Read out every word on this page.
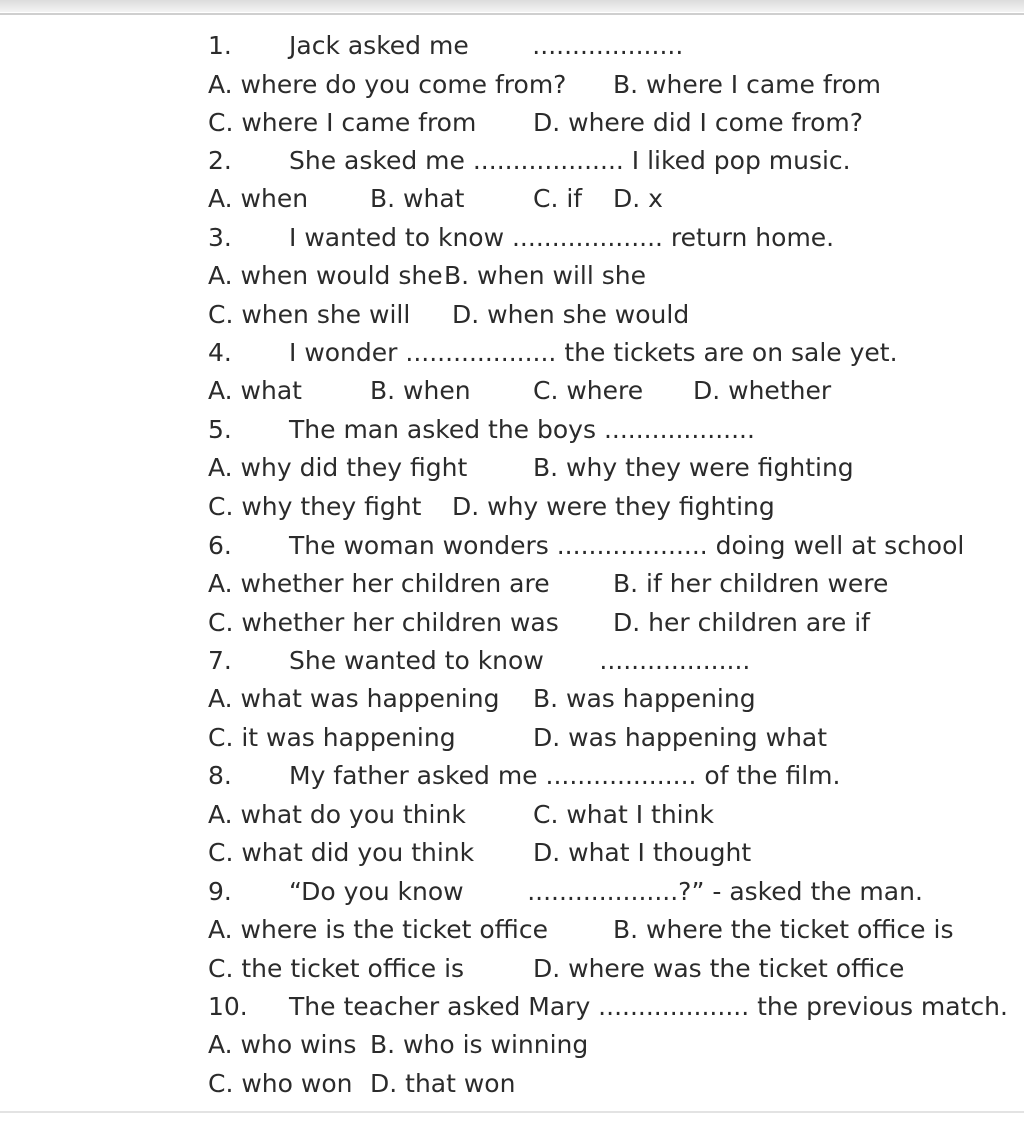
1. Jack asked me        ...................
A. where do you come from? B. where I came from
C. where I came from D. where did I come from?
2. She asked me ................... I liked pop music.
A. when B. what	C. if D. x
3. I wanted to know ................... return home.
A. when would she B. when will she
C. when she will D. when she would
4. I wonder ................... the tickets are on sale yet.
A. what	B. when C. where D. whether
5. The man asked the boys ...................
A. why did they fight	B. why they were fighting
C. why they fight D. why were they fighting
6. The woman wonders ................... doing well at school
A. whether her children are	B. if her children were
C. whether her children was D. her children are if
7. She wanted to know       ...................
A. what was happening B. was happening
C. it was happening	D. was happening what
8. My father asked me ................... of the film.
A. what do you think	C. what I think
C. what did you think D. what I thought
9. “Do you know        ...................?” - asked the man.
A. where is the ticket office	B. where the ticket office is
C. the ticket office is	D. where was the ticket office
10. The teacher asked Mary ................... the previous match.
A. who wins B. who is winning
C. who won D. that won
